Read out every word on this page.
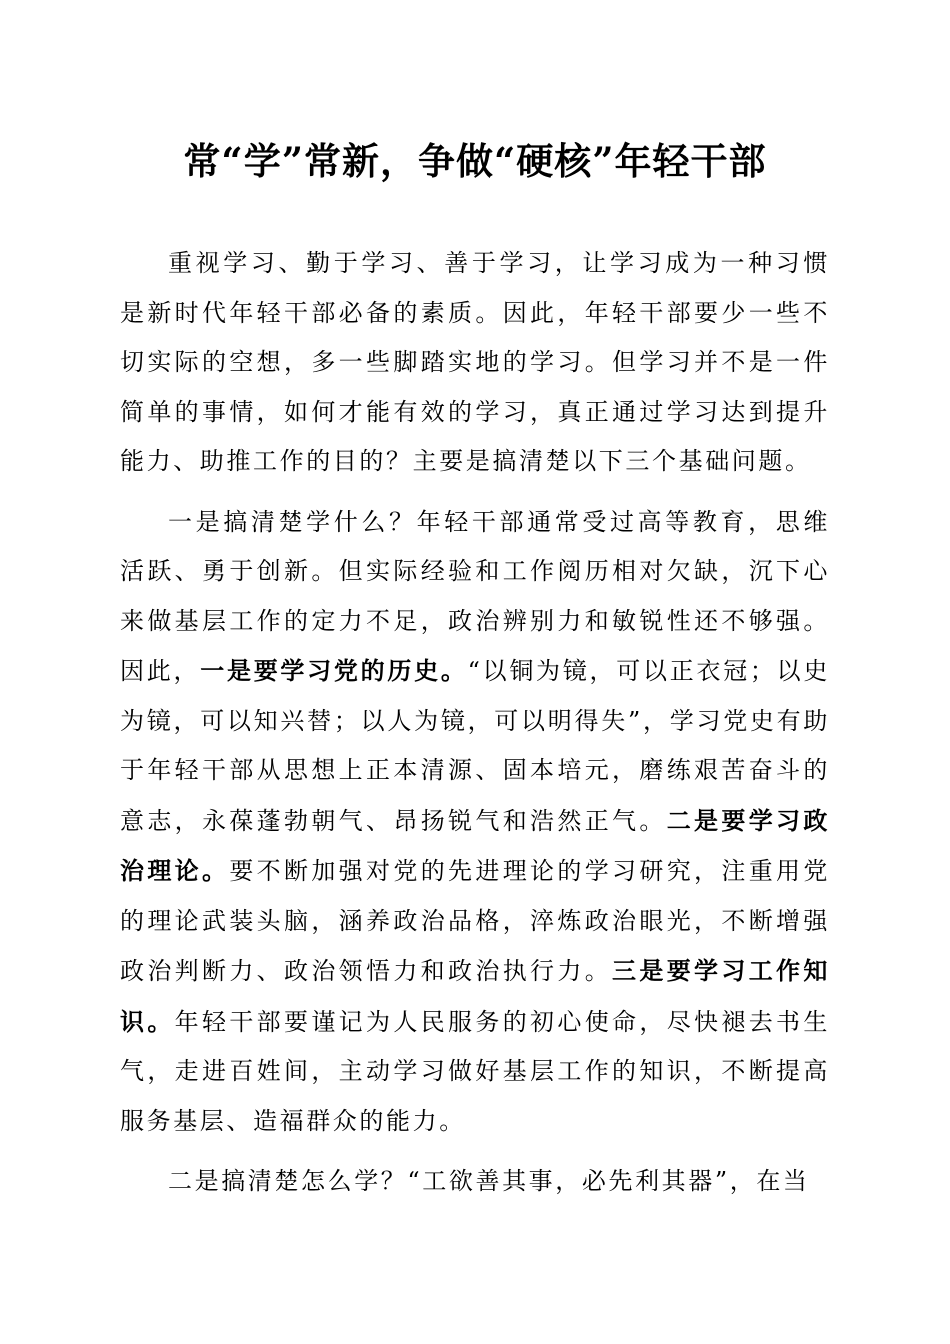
常“学”常新，争做“硬核”年轻干部

重视学习、勤于学习、善于学习，让学习成为一种习惯是新时代年轻干部必备的素质。因此，年轻干部要少一些不切实际的空想，多一些脚踏实地的学习。但学习并不是一件简单的事情，如何才能有效的学习，真正通过学习达到提升能力、助推工作的目的？主要是搞清楚以下三个基础问题。

一是搞清楚学什么？年轻干部通常受过高等教育，思维活跃、勇于创新。但实际经验和工作阅历相对欠缺，沉下心来做基层工作的定力不足，政治辨别力和敏锐性还不够强。因此，一是要学习党的历史。“以铜为镜，可以正衣冠；以史为镜，可以知兴替；以人为镜，可以明得失”，学习党史有助于年轻干部从思想上正本清源、固本培元，磨练艰苦奋斗的意志，永葆蓬勃朝气、昂扬锐气和浩然正气。二是要学习政治理论。要不断加强对党的先进理论的学习研究，注重用党的理论武装头脑，涵养政治品格，淬炼政治眼光，不断增强政治判断力、政治领悟力和政治执行力。三是要学习工作知识。年轻干部要谨记为人民服务的初心使命，尽快褪去书生气，走进百姓间，主动学习做好基层工作的知识，不断提高服务基层、造福群众的能力。

二是搞清楚怎么学？“工欲善其事，必先利其器”，在当
